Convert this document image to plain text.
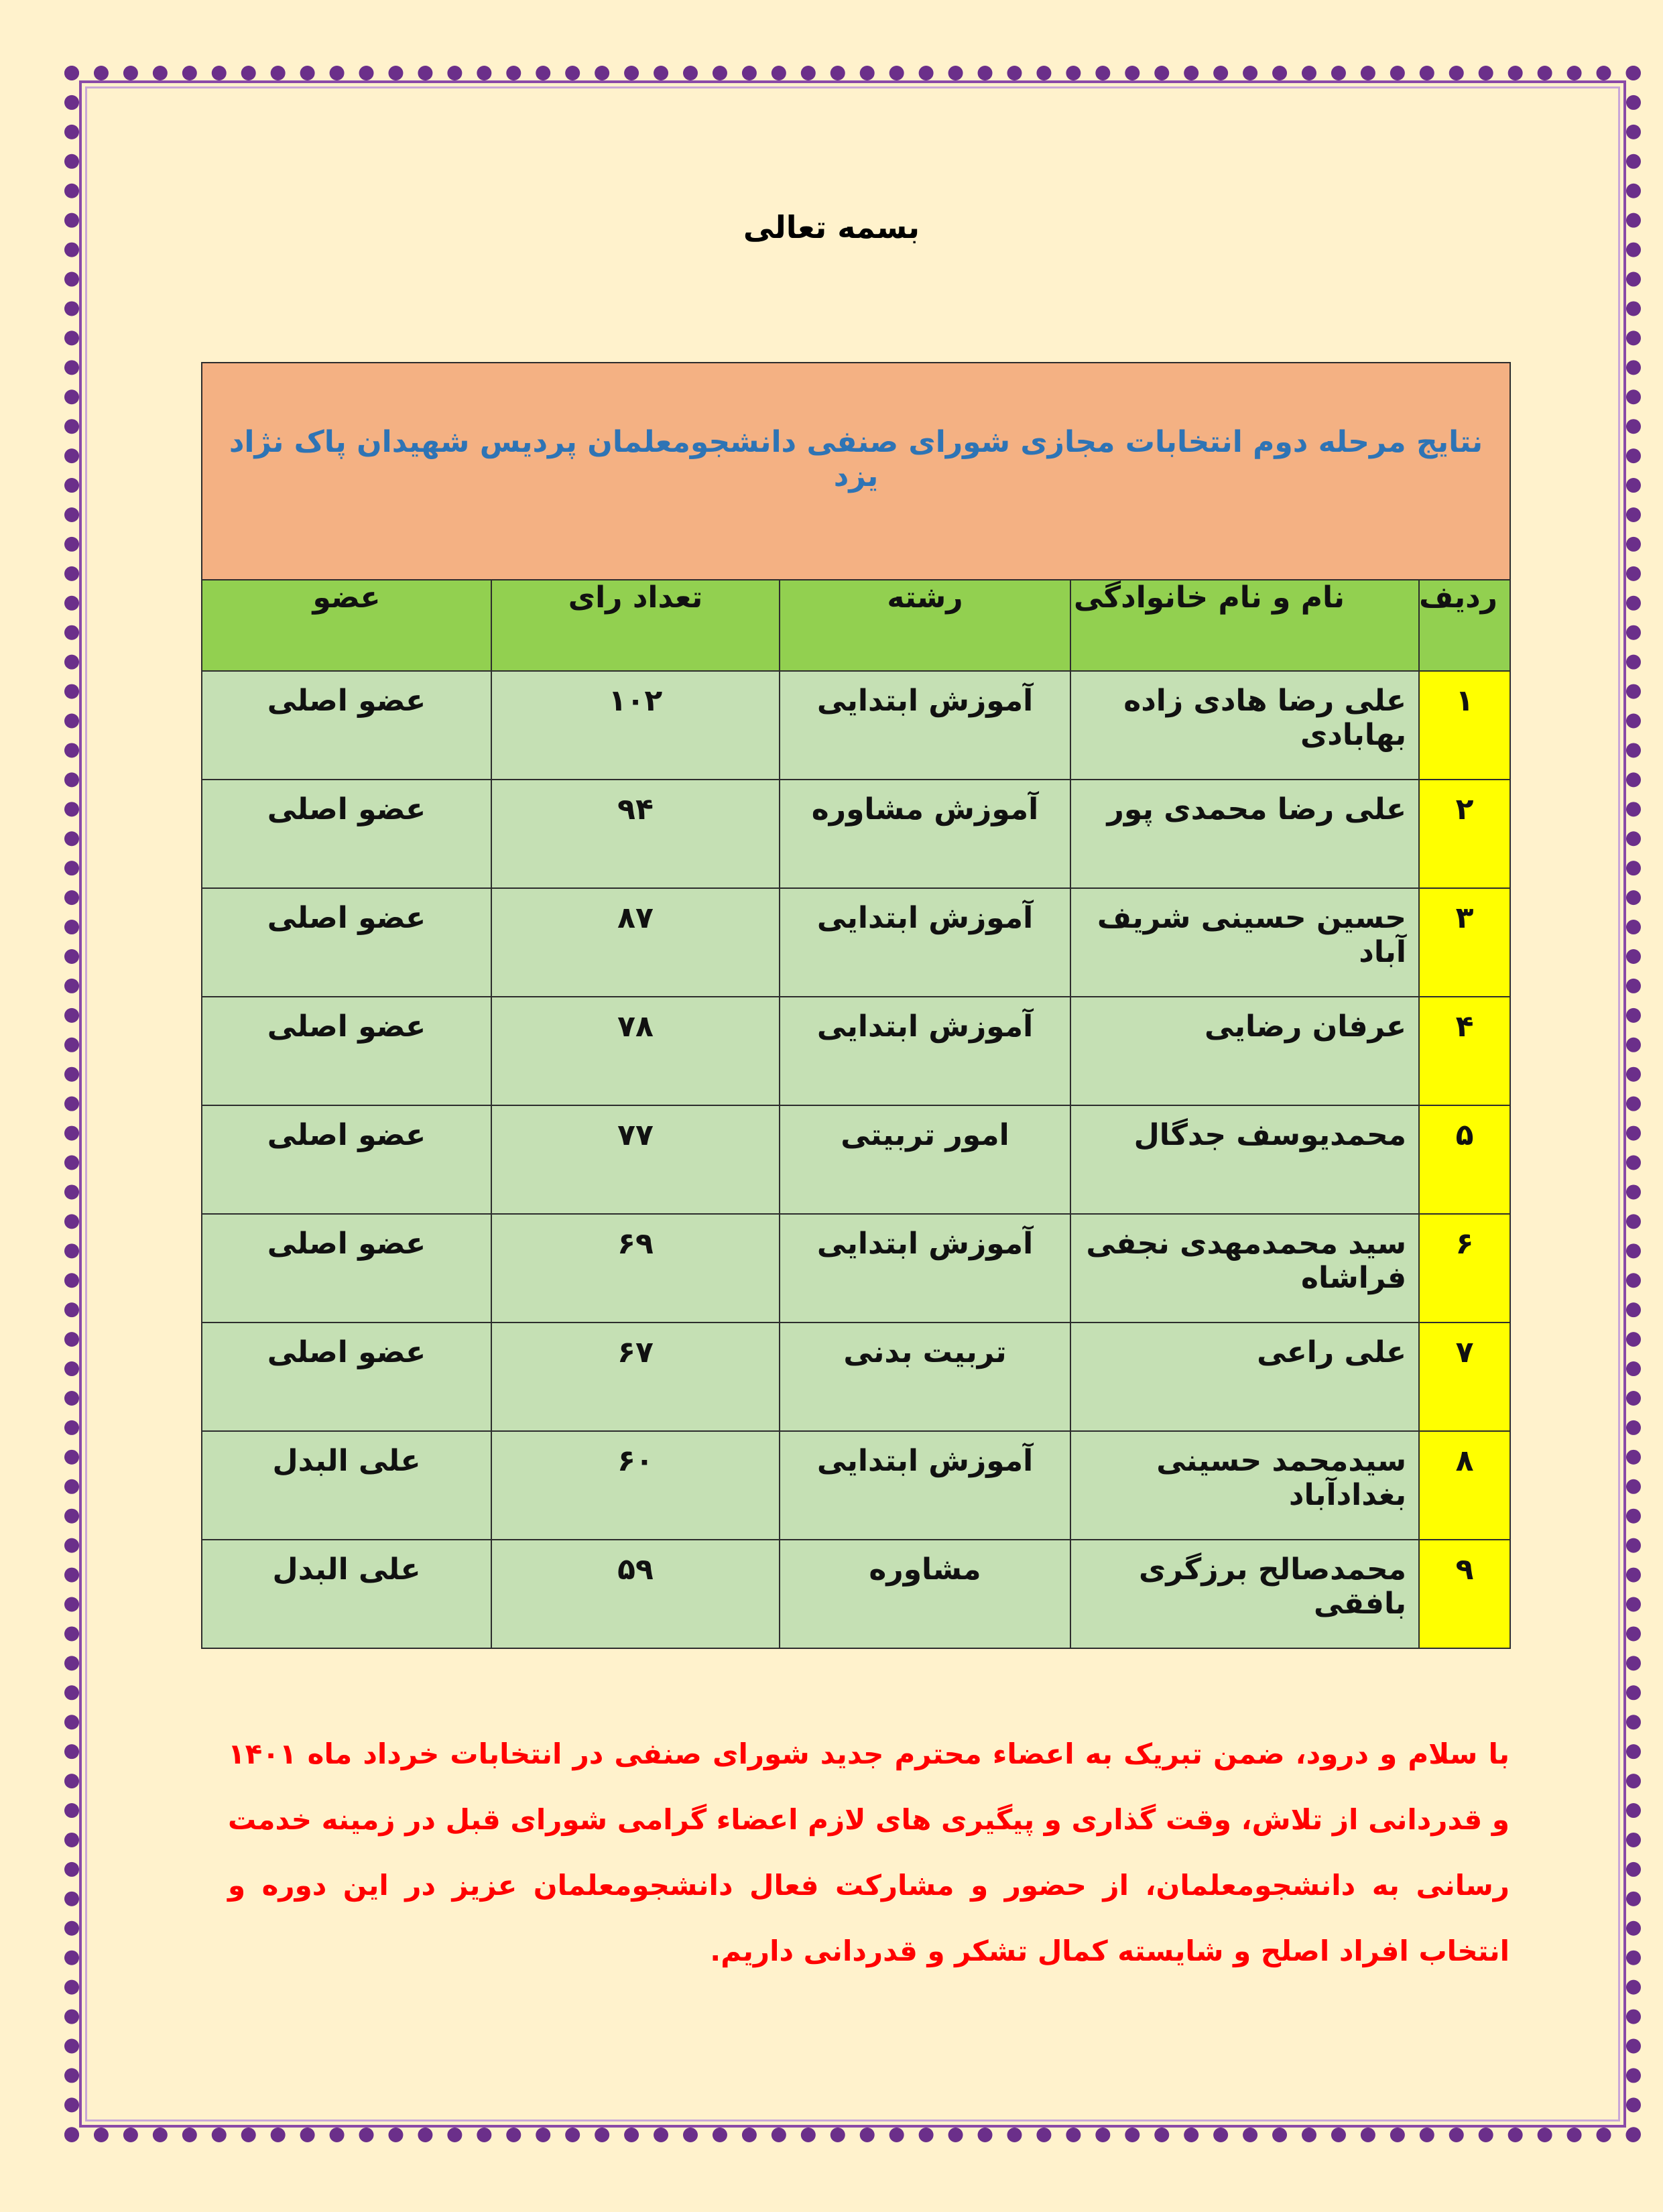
بسمه تعالی
نتایج مرحله دوم انتخابات مجازی شورای صنفی دانشجومعلمان پردیس شهیدان پاک نژاد یزد				

ردیف	نام و نام خانوادگی	رشته	تعداد رای	عضو
۱	علی رضا هادی زاده بهابادی	آموزش ابتدایی	۱۰۲	عضو اصلی
۲	علی رضا محمدی پور	آموزش مشاوره	۹۴	عضو اصلی
۳	حسین حسینی شریف آباد	آموزش ابتدایی	۸۷	عضو اصلی
۴	عرفان رضایی	آموزش ابتدایی	۷۸	عضو اصلی
۵	محمدیوسف جدگال	امور تربیتی	۷۷	عضو اصلی
۶	سید محمدمهدی نجفی فراشاه	آموزش ابتدایی	۶۹	عضو اصلی
۷	علی راعی	تربیت بدنی	۶۷	عضو اصلی
۸	سیدمحمد حسینی بغدادآباد	آموزش ابتدایی	۶۰	علی البدل
۹	محمدصالح برزگری بافقی	مشاوره	۵۹	علی البدل

با سلام و درود، ضمن تبریک به اعضاء محترم جدید شورای صنفی در انتخابات خرداد ماه ۱۴۰۱ و قدردانی از تلاش، وقت گذاری و پیگیری های لازم اعضاء گرامی شورای قبل در زمینه خدمت رسانی به دانشجومعلمان، از حضور و مشارکت فعال دانشجومعلمان عزیز در این دوره و انتخاب افراد اصلح و شایسته کمال تشکر و قدردانی داریم.
